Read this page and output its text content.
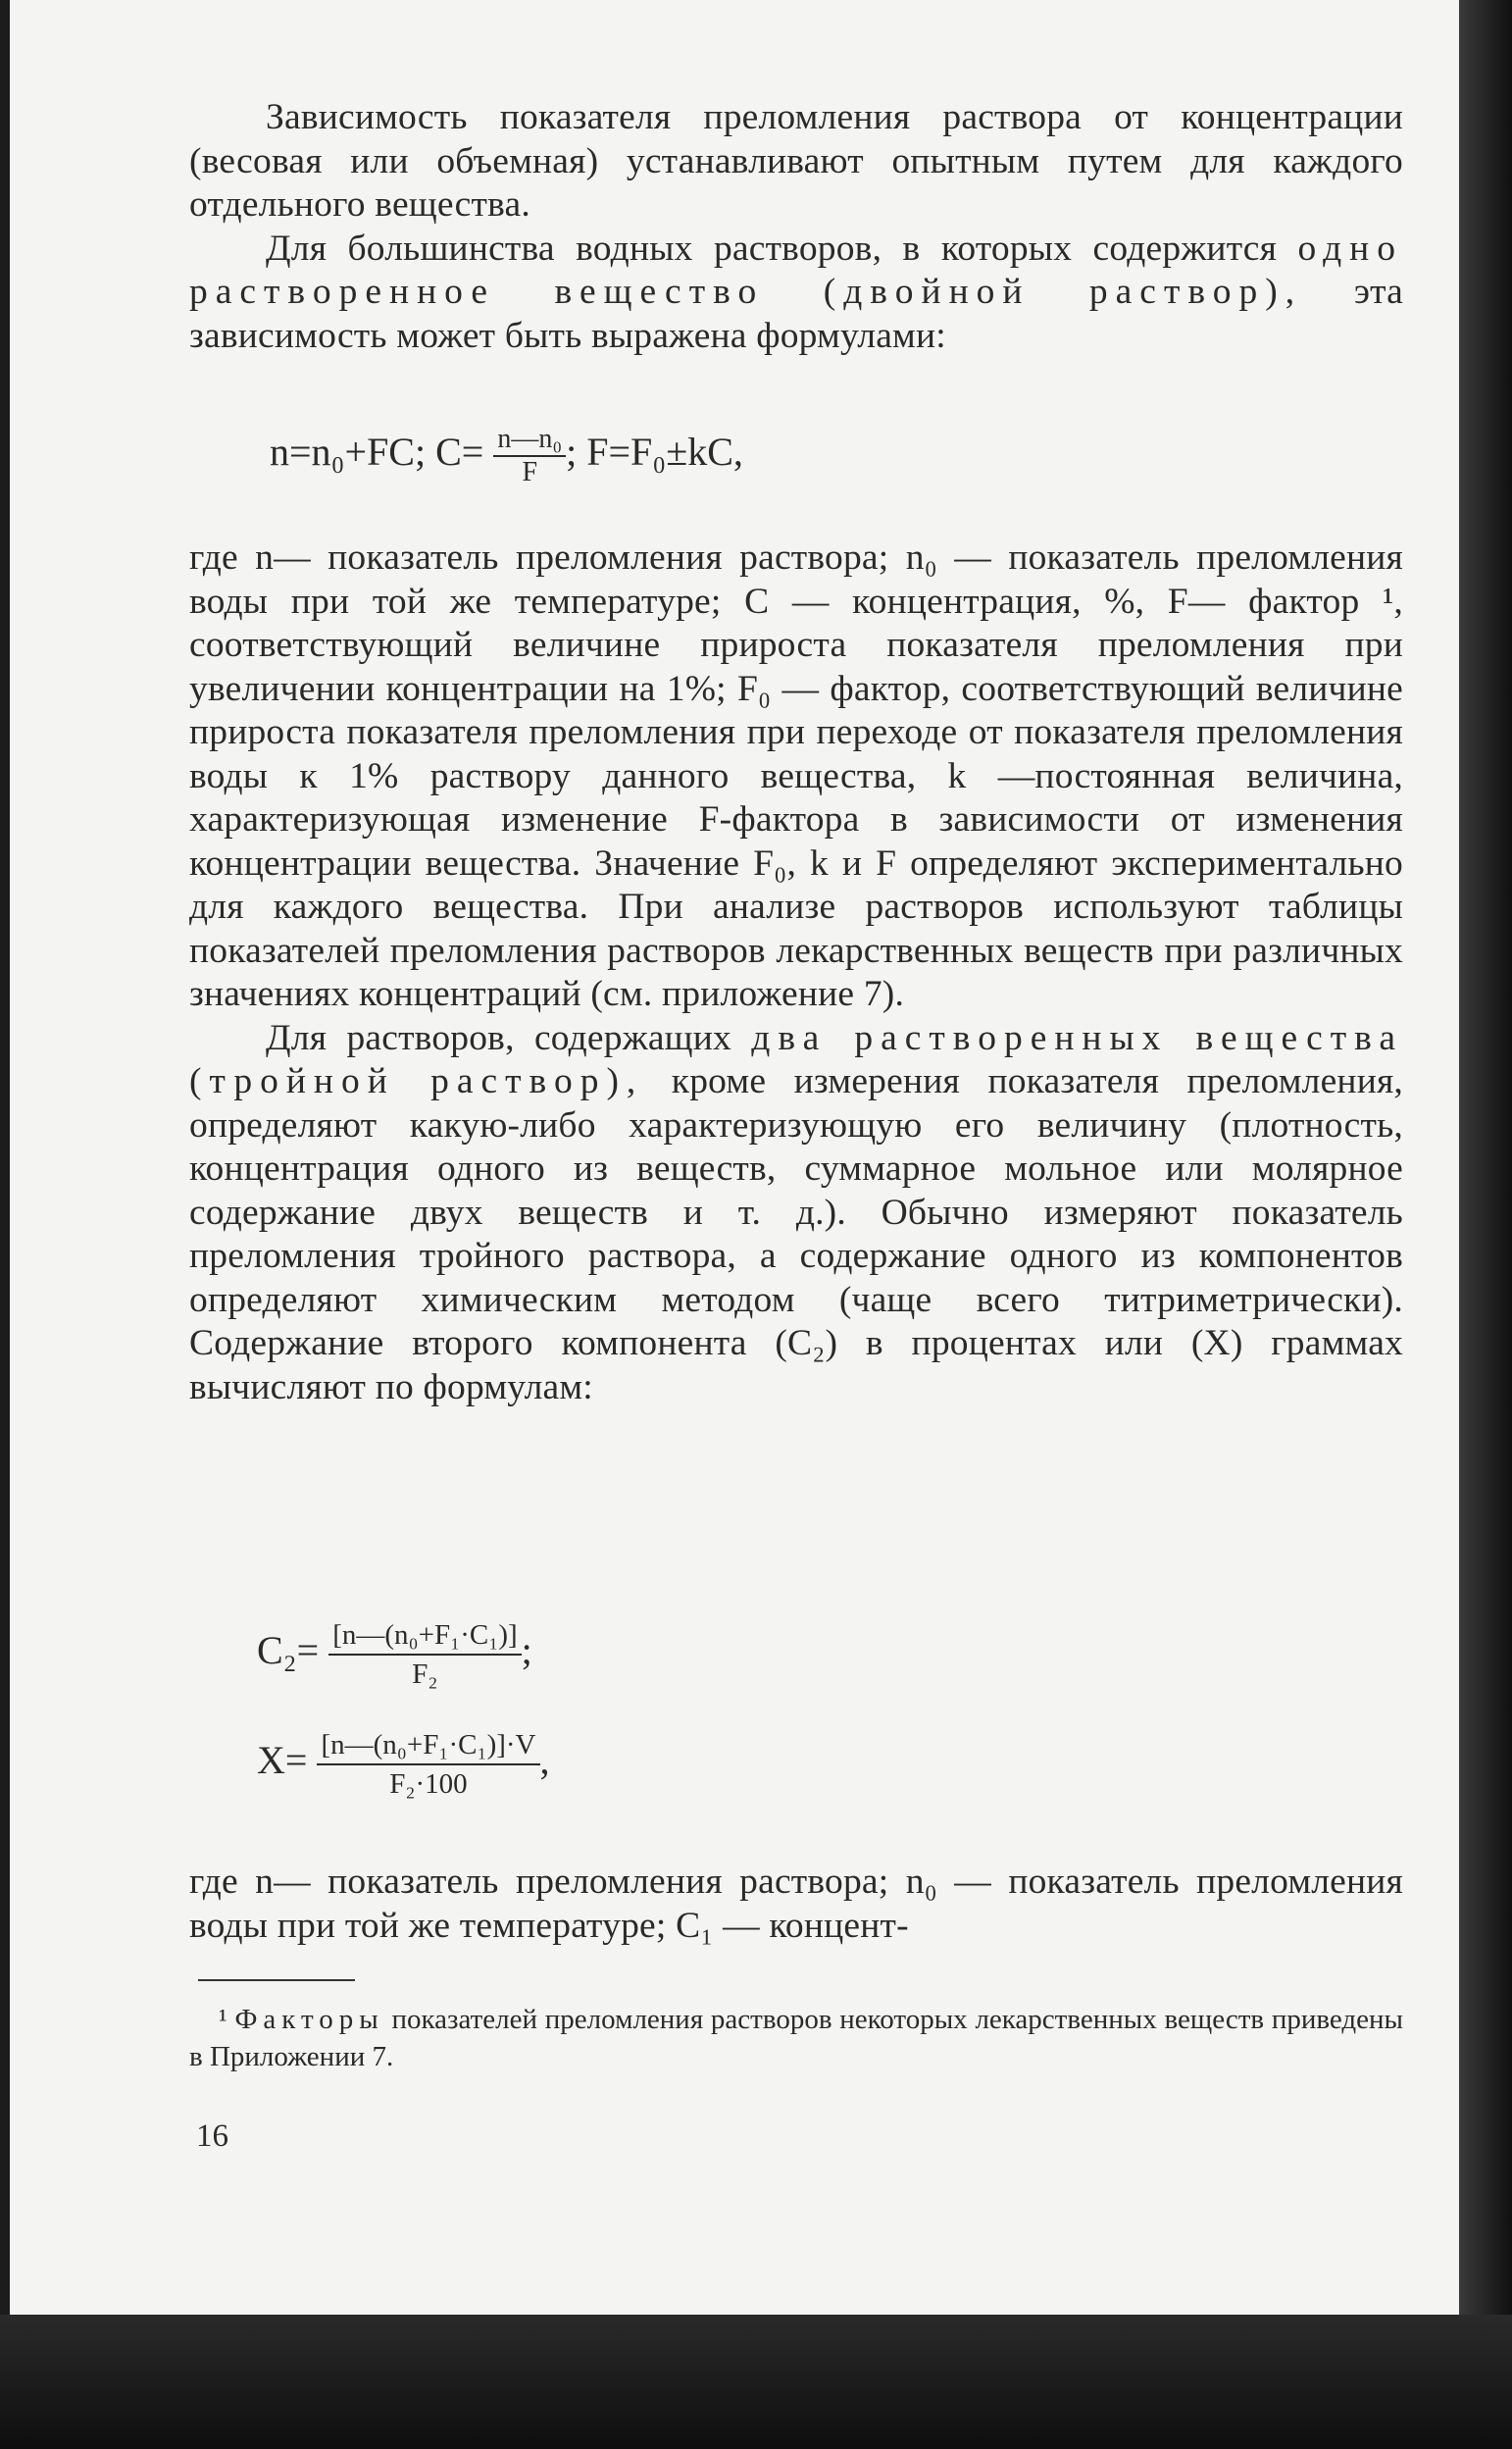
Зависимость показателя преломления раствора от концентрации (весовая или объемная) устанавливают опытным путем для каждого отдельного вещества.

Для большинства водных растворов, в которых содержится одно растворенное вещество (двойной раствор), эта зависимость может быть выражена формулами:

n=n₀+FC; $C= \frac{\text{n—n₀}}{F}$ ; F=F₀±kC,

где n— показатель преломления раствора; n₀ — показатель преломления воды при той же температуре; С — концентрация, %, F— фактор ¹, соответствующий величине прироста показателя преломления при увеличении концентрации на 1%; F₀ — фактор, соответствующий величине прироста показателя преломления при переходе от показателя преломления воды к 1% раствору данного вещества, k —постоянная величина, характеризующая изменение F-фактора в зависимости от изменения концентрации вещества. Значение F₀, k и F определяют экспериментально для каждого вещества. При анализе растворов используют таблицы показателей преломления растворов лекарственных веществ при различных значениях концентраций (см. приложение 7).

Для растворов, содержащих два растворенных вещества (тройной раствор), кроме измерения показателя преломления, определяют какую-либо характеризующую его величину (плотность, концентрация одного из веществ, суммарное мольное или молярное содержание двух веществ и т. д.). Обычно измеряют показатель преломления тройного раствора, а содержание одного из компонентов определяют химическим методом (чаще всего титриметрически). Содержание второго компонента (C₂) в процентах или (X) граммах вычисляют по формулам:

$C_2= \frac{\text{[n—(n₀+F₁·C₁)]}}{\text{F₂}}$ ;
$X= \frac{\text{[n—(n₀+F₁·C₁)]·V}}{\text{F₂·100}}$ ,

где n— показатель преломления раствора; n₀ — показатель преломления воды при той же температуре; C₁ — концент-

¹ Факторы показателей преломления растворов некоторых лекарственных веществ приведены в Приложении 7.
16
